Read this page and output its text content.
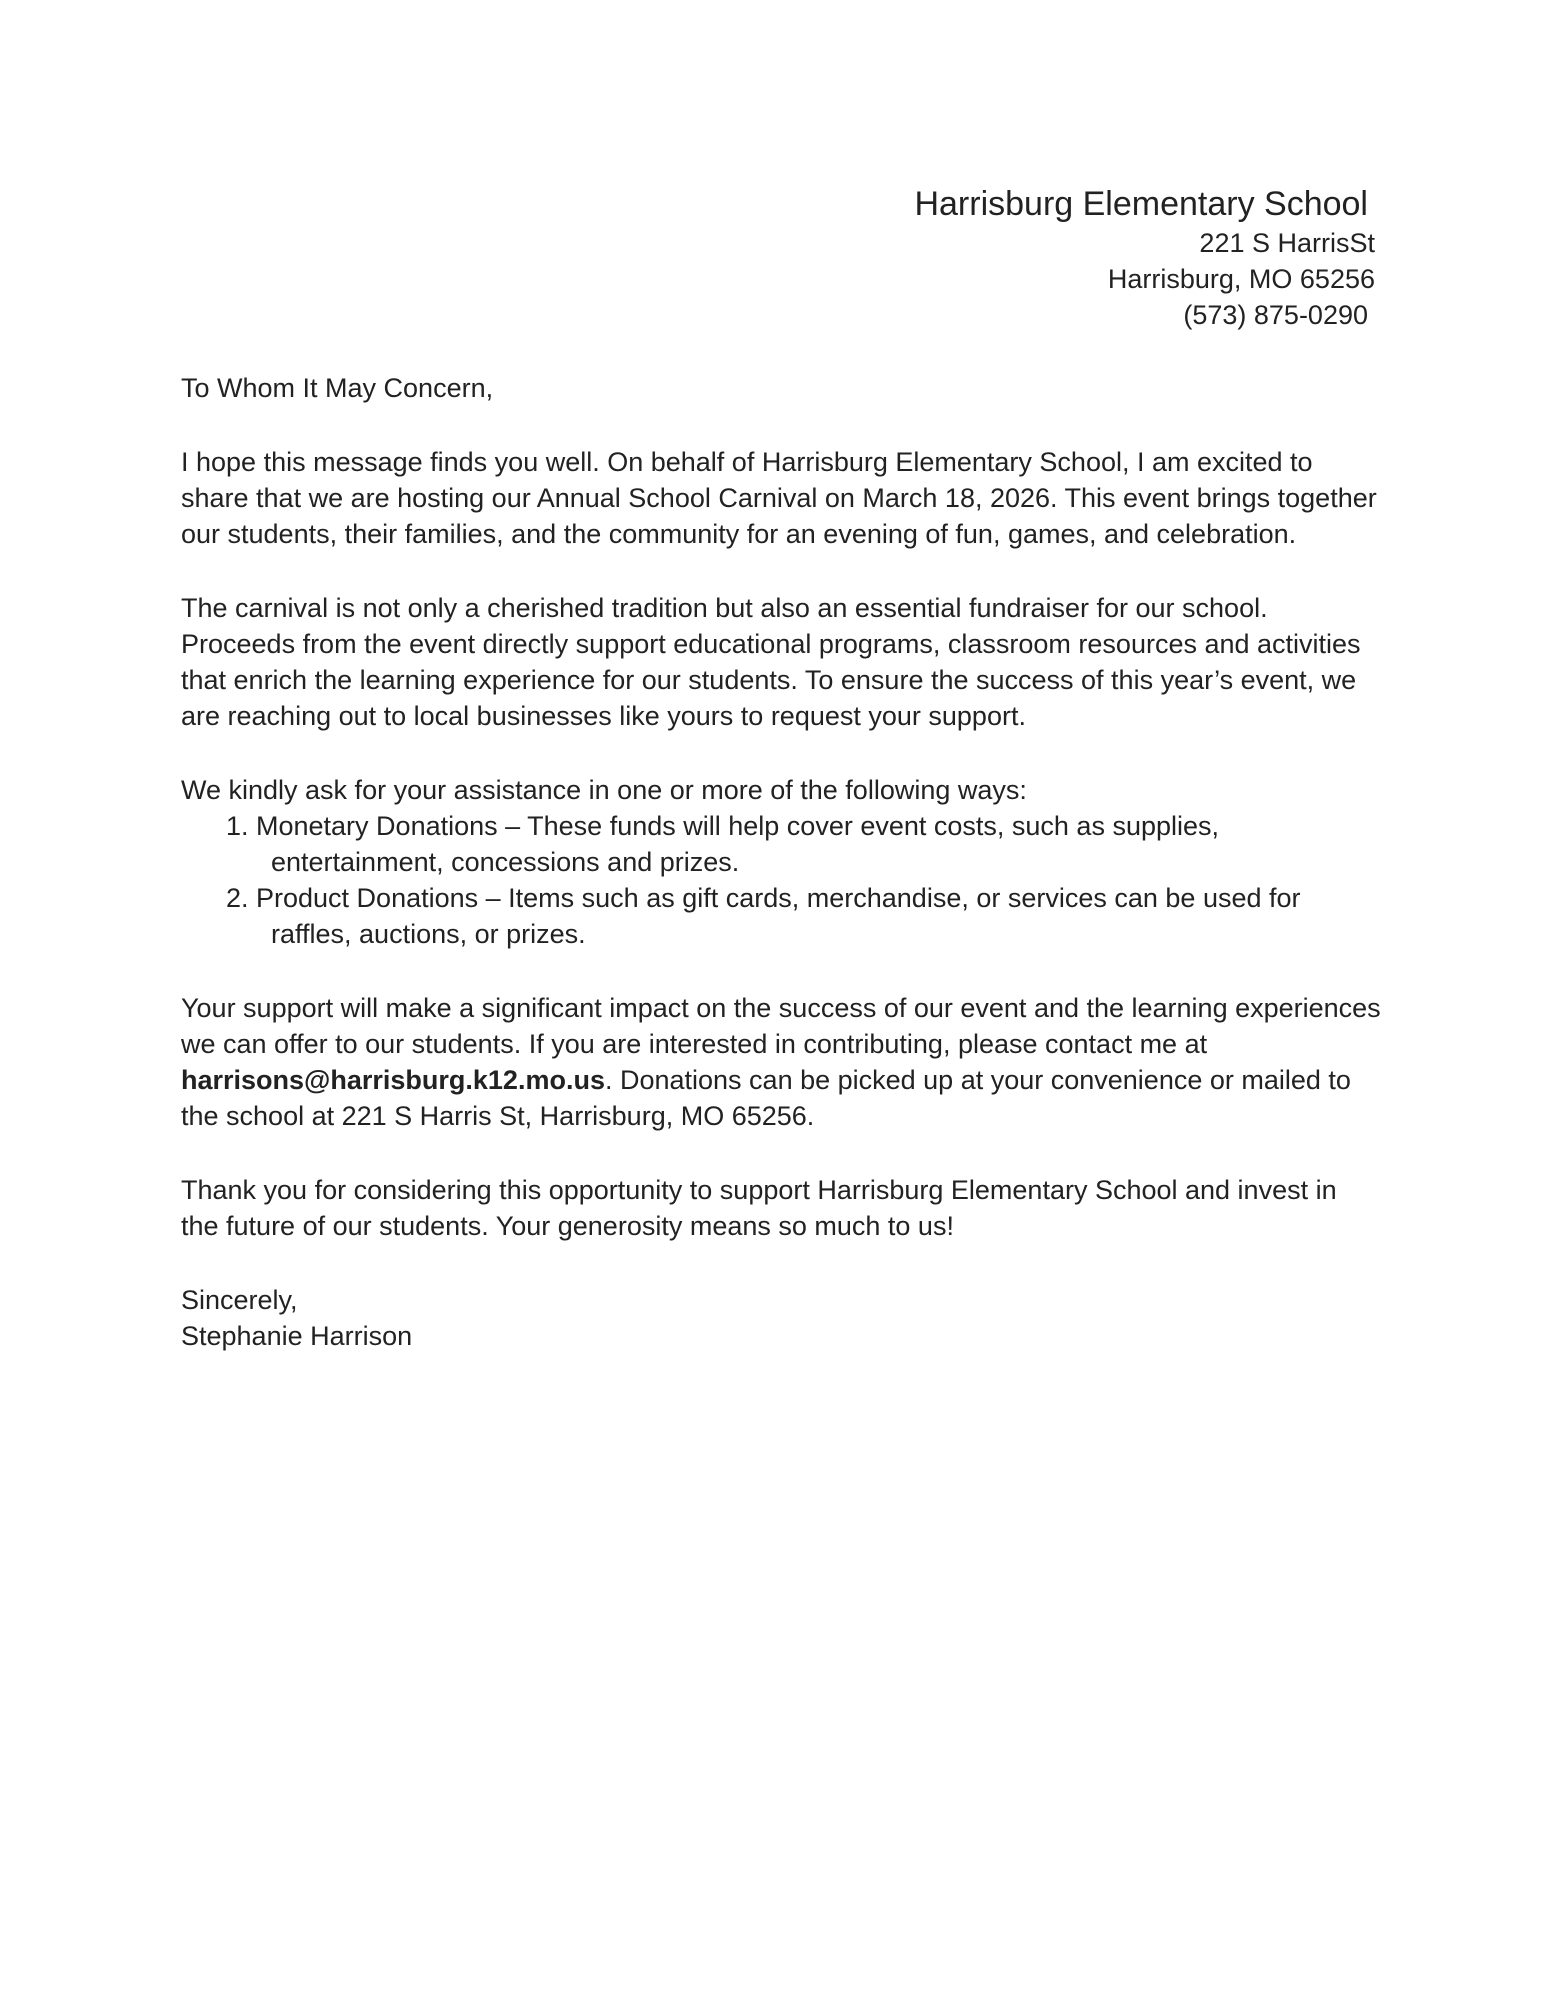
Harrisburg Elementary School
221 S HarrisSt
Harrisburg, MO 65256
(573) 875-0290

To Whom It May Concern,

I hope this message finds you well. On behalf of Harrisburg Elementary School, I am excited to share that we are hosting our Annual School Carnival on March 18, 2026. This event brings together our students, their families, and the community for an evening of fun, games, and celebration.

The carnival is not only a cherished tradition but also an essential fundraiser for our school. Proceeds from the event directly support educational programs, classroom resources and activities that enrich the learning experience for our students. To ensure the success of this year’s event, we are reaching out to local businesses like yours to request your support.

We kindly ask for your assistance in one or more of the following ways:

1. Monetary Donations – These funds will help cover event costs, such as supplies, entertainment, concessions and prizes.
2. Product Donations – Items such as gift cards, merchandise, or services can be used for raffles, auctions, or prizes.

Your support will make a significant impact on the success of our event and the learning experiences we can offer to our students. If you are interested in contributing, please contact me at harrisons@harrisburg.k12.mo.us. Donations can be picked up at your convenience or mailed to the school at 221 S Harris St, Harrisburg, MO 65256.

Thank you for considering this opportunity to support Harrisburg Elementary School and invest in the future of our students. Your generosity means so much to us!

Sincerely,

Stephanie Harrison
